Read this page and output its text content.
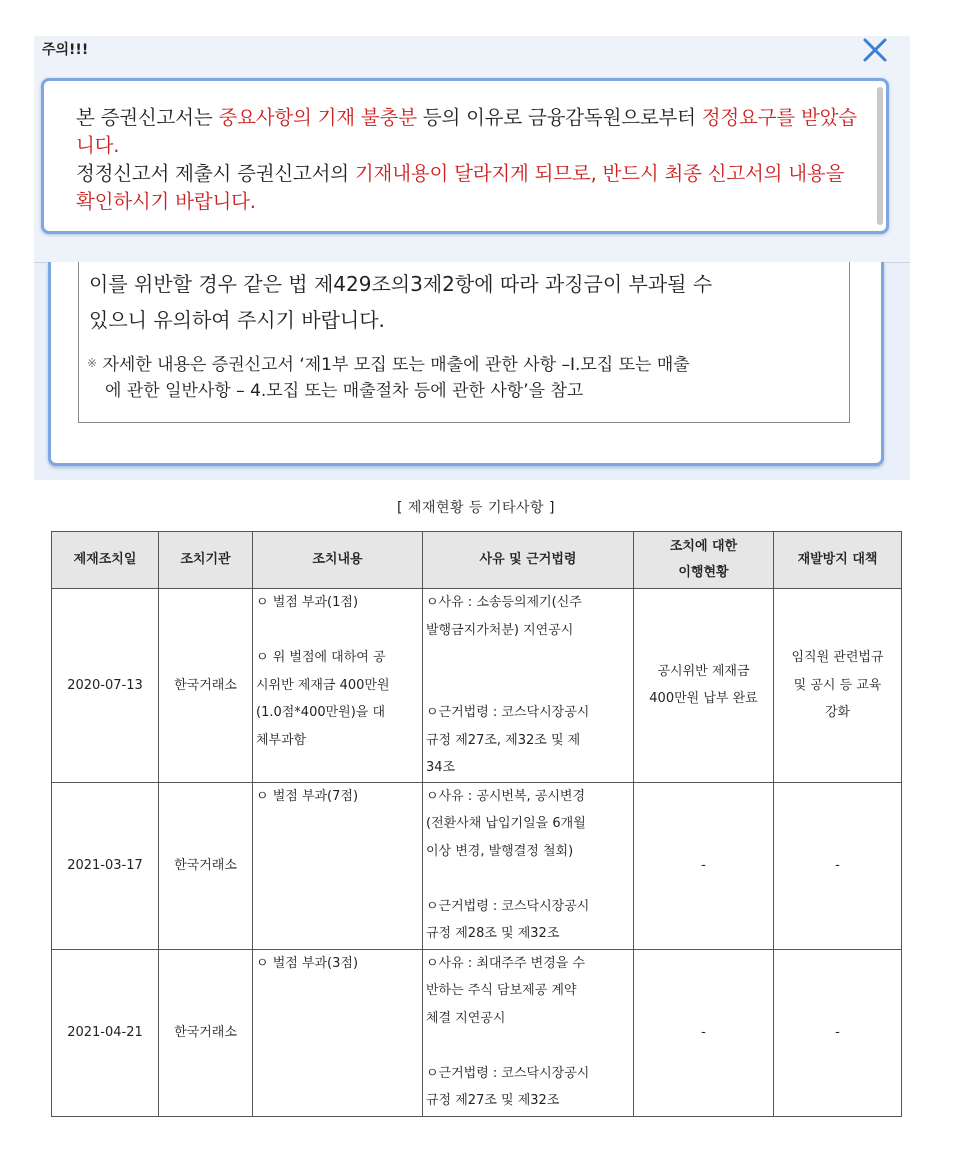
주의!!!
본 증권신고서는 중요사항의 기재 불충분 등의 이유로 금융감독원으로부터 정정요구를 받았습니다.
정정신고서 제출시 증권신고서의 기재내용이 달라지게 되므로, 반드시 최종 신고서의 내용을 확인하시기 바랍니다.
이를 위반할 경우 같은 법 제429조의3제2항에 따라 과징금이 부과될 수
있으니 유의하여 주시기 바랍니다.
※ 자세한 내용은 증권신고서 ‘제1부 모집 또는 매출에 관한 사항 –I.모집 또는 매출
에 관한 일반사항 – 4.모집 또는 매출절차 등에 관한 사항’을 참고
[ 제재현황 등 기타사항 ]
제재조치일	조치기관	조치내용	사유 및 근거법령	조치에 대한
이행현황	재발방지 대책

2020-07-13	한국거래소	ㅇ 벌점 부과(1점)
ㅇ 위 벌점에 대하여 공
시위반 제재금 400만원
(1.0점*400만원)을 대
체부과함	ㅇ사유 : 소송등의제기(신주
발행금지가처분) 지연공시
ㅇ근거법령 : 코스닥시장공시
규정 제27조, 제32조 및 제
34조	공시위반 제재금
400만원 납부 완료	임직원 관련법규
및 공시 등 교육
강화

2021-03-17	한국거래소	ㅇ 벌점 부과(7점)	ㅇ사유 : 공시번복, 공시변경
(전환사채 납입기일을 6개월
이상 변경, 발행결정 철회)
ㅇ근거법령 : 코스닥시장공시
규정 제28조 및 제32조	-	-

2021-04-21	한국거래소	ㅇ 벌점 부과(3점)	ㅇ사유 : 최대주주 변경을 수
반하는 주식 담보제공 계약
체결 지연공시
ㅇ근거법령 : 코스닥시장공시
규정 제27조 및 제32조	-	-
